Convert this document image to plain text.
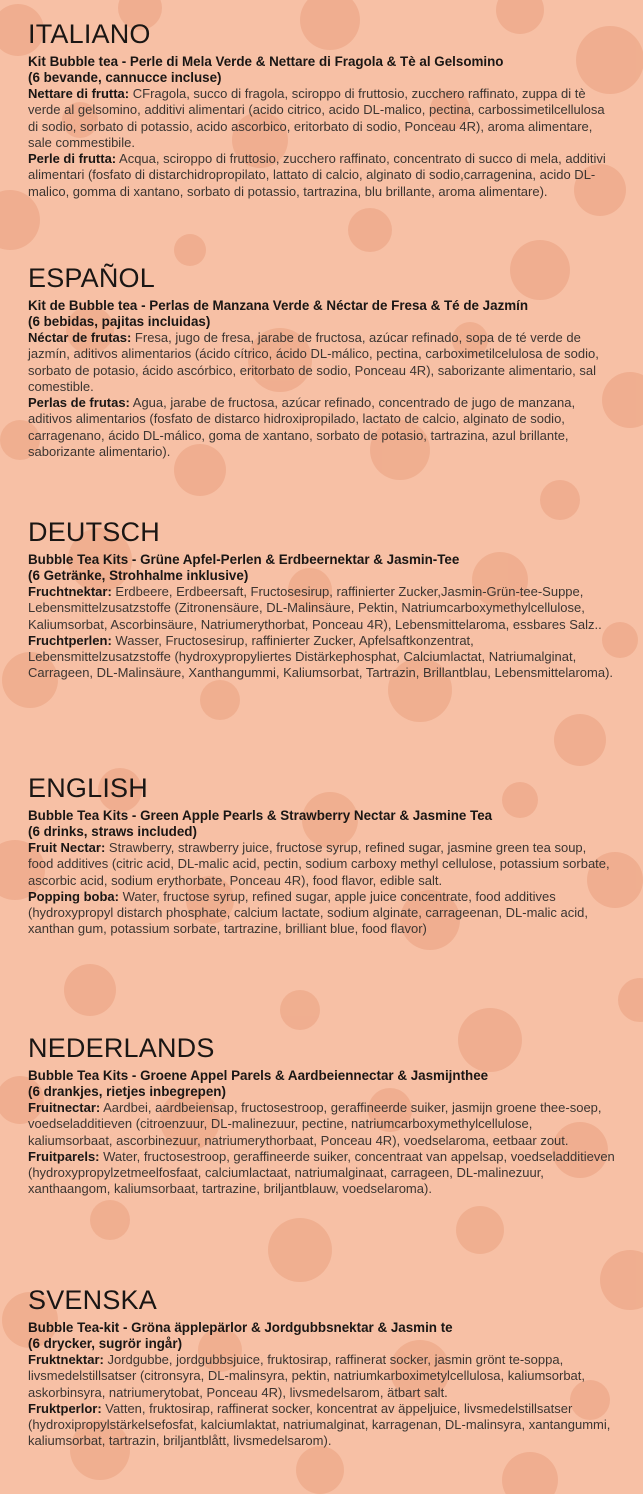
ITALIANO

Kit Bubble tea - Perle di Mela Verde & Nettare di Fragola & Tè al Gelsomino

(6 bevande, cannucce incluse)

Nettare di frutta: CFragola, succo di fragola, sciroppo di fruttosio, zucchero raffinato, zuppa di tè verde al gelsomino, additivi alimentari (acido citrico, acido DL-malico, pectina, carbossimetilcellulosa di sodio, sorbato di potassio, acido ascorbico, eritorbato di sodio, Ponceau 4R), aroma alimentare, sale commestibile.

Perle di frutta: Acqua, sciroppo di fruttosio, zucchero raffinato, concentrato di succo di mela, additivi alimentari (fosfato di distarchidropropilato, lattato di calcio, alginato di sodio,carragenina, acido DL-malico, gomma di xantano, sorbato di potassio, tartrazina, blu brillante, aroma alimentare).

ESPAÑOL

Kit de Bubble tea - Perlas de Manzana Verde & Néctar de Fresa & Té de Jazmín

(6 bebidas, pajitas incluidas)

Néctar de frutas: Fresa, jugo de fresa, jarabe de fructosa, azúcar refinado, sopa de té verde de jazmín, aditivos alimentarios (ácido cítrico, ácido DL-málico, pectina, carboximetilcelulosa de sodio, sorbato de potasio, ácido ascórbico, eritorbato de sodio, Ponceau 4R), saborizante alimentario, sal comestible.

Perlas de frutas: Agua, jarabe de fructosa, azúcar refinado, concentrado de jugo de manzana, aditivos alimentarios (fosfato de distarco hidroxipropilado, lactato de calcio, alginato de sodio, carragenano, ácido DL-málico, goma de xantano, sorbato de potasio, tartrazina, azul brillante, saborizante alimentario).

DEUTSCH

Bubble Tea Kits - Grüne Apfel-Perlen & Erdbeernektar & Jasmin-Tee

(6 Getränke, Strohhalme inklusive)

Fruchtnektar: Erdbeere, Erdbeersaft, Fructosesirup, raffinierter Zucker,Jasmin-Grün-tee-Suppe, Lebensmittelzusatzstoffe (Zitronensäure, DL-Malinsäure, Pektin, Natriumcarboxymethylcellulose, Kaliumsorbat, Ascorbinsäure, Natriumerythorbat, Ponceau 4R), Lebensmittelaroma, essbares Salz..

Fruchtperlen: Wasser, Fructosesirup, raffinierter Zucker, Apfelsaftkonzentrat, Lebensmittelzusatzstoffe (hydroxypropyliertes Distärkephosphat, Calciumlactat, Natriumalginat, Carrageen, DL-Malinsäure, Xanthangummi, Kaliumsorbat, Tartrazin, Brillantblau, Lebensmittelaroma).

ENGLISH

Bubble Tea Kits - Green Apple Pearls & Strawberry Nectar & Jasmine Tea

(6 drinks, straws included)

Fruit Nectar: Strawberry, strawberry juice, fructose syrup, refined sugar, jasmine green tea soup, food additives (citric acid, DL-malic acid, pectin, sodium carboxy methyl cellulose, potassium sorbate, ascorbic acid, sodium erythorbate, Ponceau 4R), food flavor, edible salt.

Popping boba: Water, fructose syrup, refined sugar, apple juice concentrate, food additives (hydroxypropyl distarch phosphate, calcium lactate, sodium alginate, carrageenan, DL-malic acid, xanthan gum, potassium sorbate, tartrazine, brilliant blue, food flavor)

NEDERLANDS

Bubble Tea Kits - Groene Appel Parels & Aardbeiennectar & Jasmijnthee

(6 drankjes, rietjes inbegrepen)

Fruitnectar: Aardbei, aardbeiensap, fructosestroop, geraffineerde suiker, jasmijn groene thee-soep, voedseladditieven (citroenzuur, DL-malinezuur, pectine, natriumcarboxymethylcellulose, kaliumsorbaat, ascorbinezuur, natriumerythorbaat, Ponceau 4R), voedselaroma, eetbaar zout.

Fruitparels: Water, fructosestroop, geraffineerde suiker, concentraat van appelsap, voedseladditieven (hydroxypropylzetmeelfosfaat, calciumlactaat, natriumalginaat, carrageen, DL-malinezuur, xanthaangom, kaliumsorbaat, tartrazine, briljantblauw, voedselaroma).

SVENSKA

Bubble Tea-kit - Gröna äpplepärlor & Jordgubbsnektar & Jasmin te

(6 drycker, sugrör ingår)

Fruktnektar: Jordgubbe, jordgubbsjuice, fruktosirap, raffinerat socker, jasmin grönt te-soppa, livsmedelstillsatser (citronsyra, DL-malinsyra, pektin, natriumkarboximetylcellulosa, kaliumsorbat, askorbinsyra, natriumerytobat, Ponceau 4R), livsmedelsarom, ätbart salt.

Fruktperlor: Vatten, fruktosirap, raffinerat socker, koncentrat av äppeljuice, livsmedelstillsatser (hydroxipropylstärkelsefosfat, kalciumlaktat, natriumalginat, karragenan, DL-malinsyra, xantangummi, kaliumsorbat, tartrazin, briljantblått, livsmedelsarom).
